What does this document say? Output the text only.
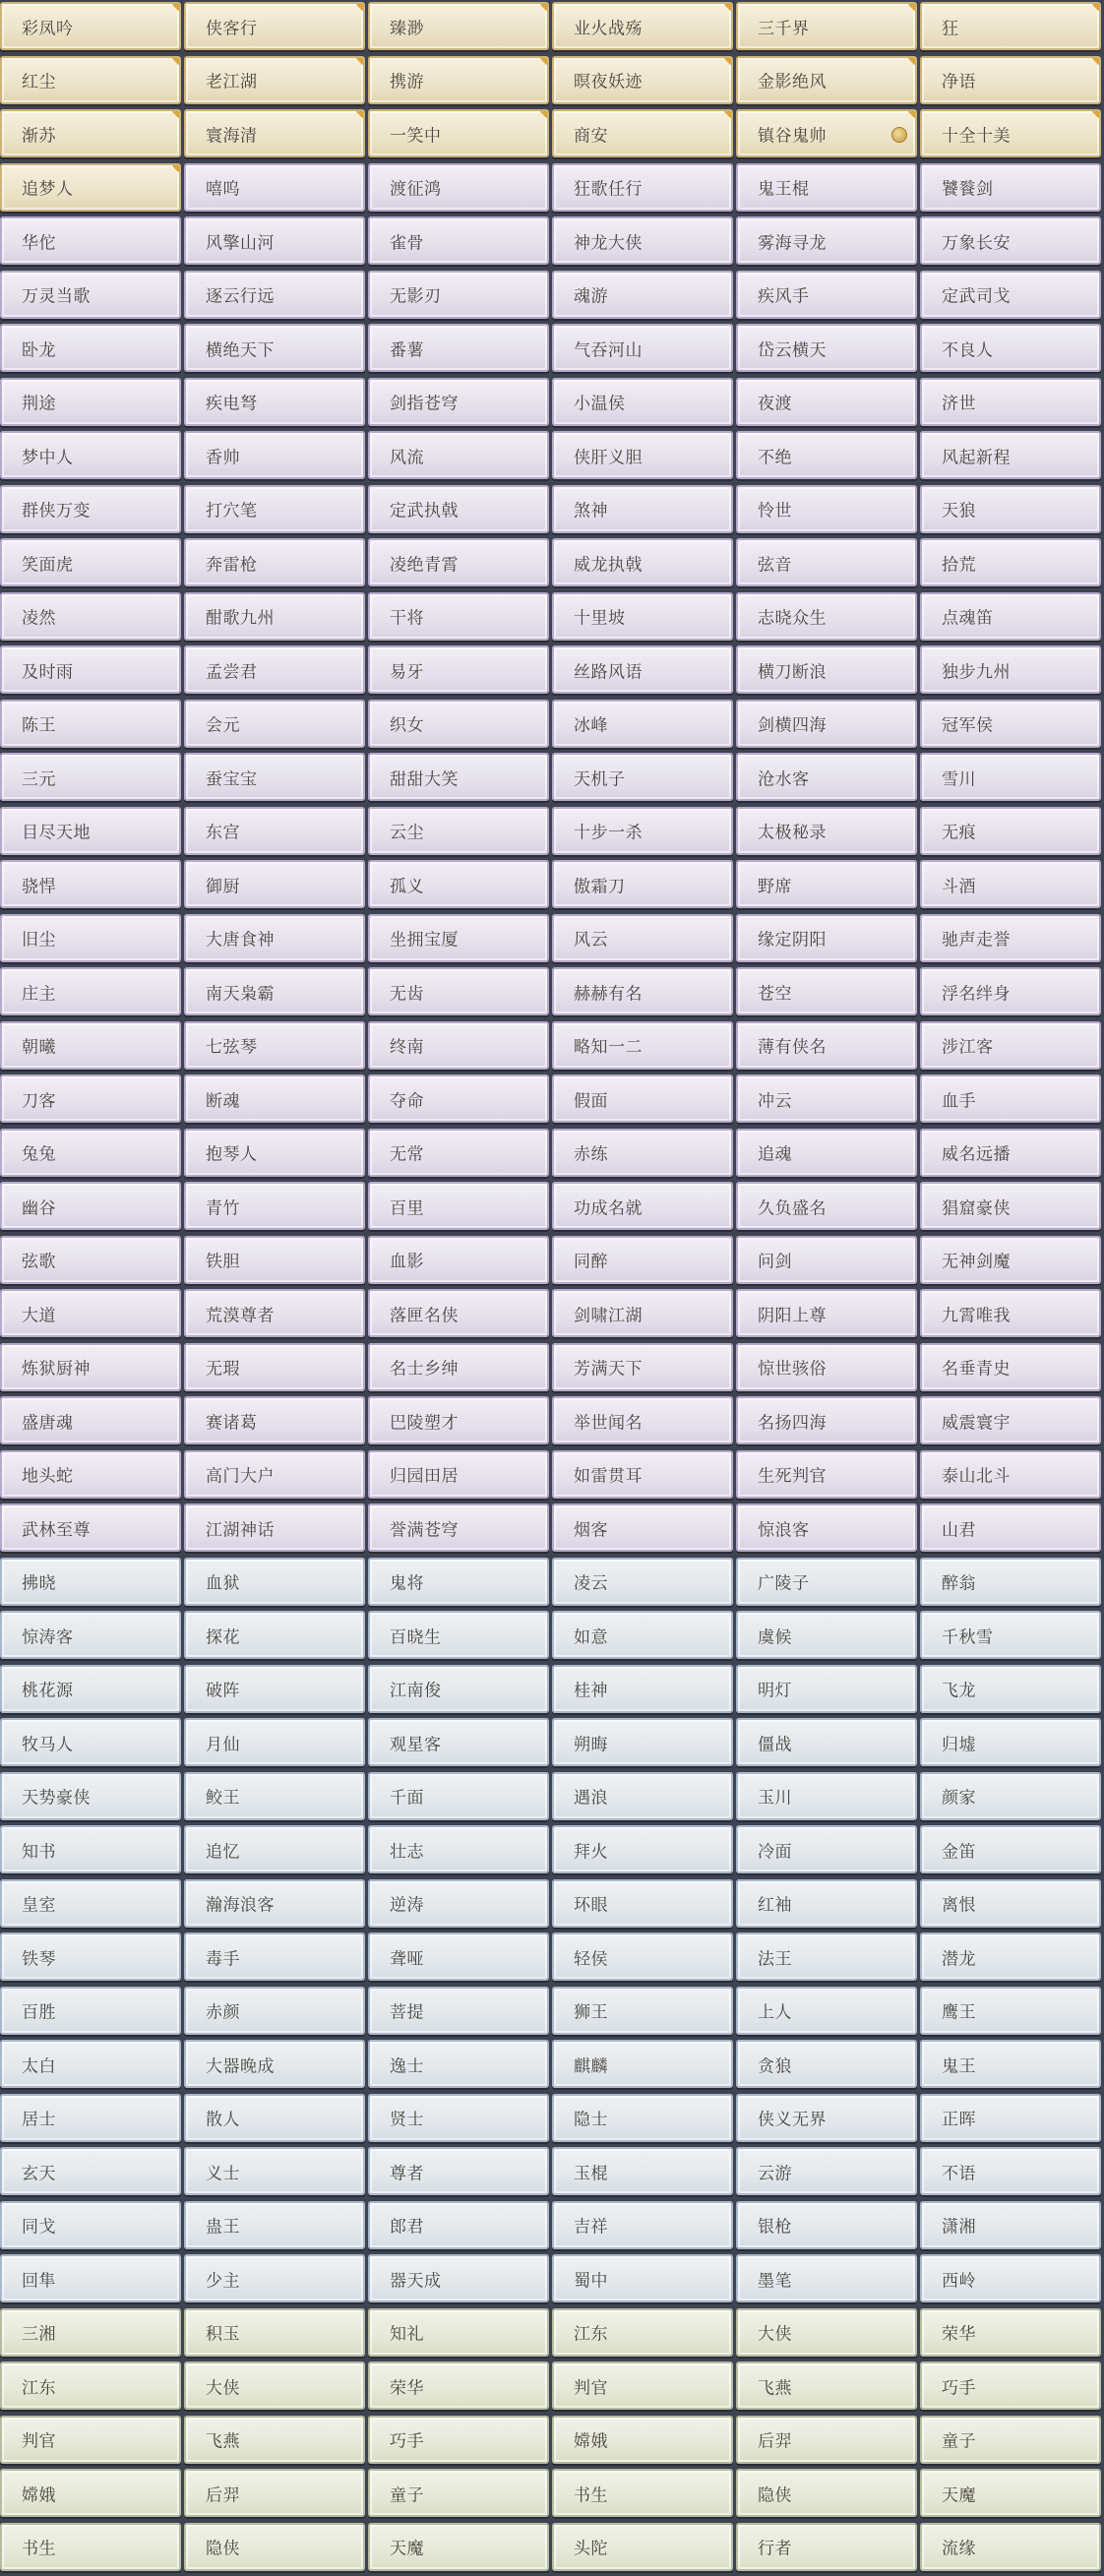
彩凤吟
红尘
渐苏
追梦人
华佗
万灵当歌
卧龙
荆途
梦中人
群侠万变
笑面虎
凌然
及时雨
陈王
三元
目尽天地
骁悍
旧尘
庄主
朝曦
刀客
兔兔
幽谷
弦歌
大道
炼狱厨神
盛唐魂
地头蛇
武林至尊
拂晓
惊涛客
桃花源
牧马人
天势豪侠
知书
皇室
铁琴
百胜
太白
居士
玄天
同戈
回隼
三湘
江东
判官
嫦娥
书生
侠客行
老江湖
寰海清
嘻呜
风擎山河
逐云行远
横绝天下
疾电弩
香帅
打穴笔
奔雷枪
酣歌九州
孟尝君
会元
蚕宝宝
东宫
御厨
大唐食神
南天枭霸
七弦琴
断魂
抱琴人
青竹
铁胆
荒漠尊者
无瑕
赛诸葛
高门大户
江湖神话
血狱
探花
破阵
月仙
鲛王
追忆
瀚海浪客
毒手
赤颜
大器晚成
散人
义士
蛊王
少主
积玉
大侠
飞燕
后羿
隐侠
臻渺
携游
一笑中
渡征鸿
雀骨
无影刃
番薯
剑指苍穹
风流
定武执戟
凌绝青霄
干将
易牙
织女
甜甜大笑
云尘
孤义
坐拥宝厦
无齿
终南
夺命
无常
百里
血影
落匣名侠
名士乡绅
巴陵塑才
归园田居
誉满苍穹
鬼将
百晓生
江南俊
观星客
千面
壮志
逆涛
聋哑
菩提
逸士
贤士
尊者
郎君
器天成
知礼
荣华
巧手
童子
天魔
业火战殇
暝夜妖迹
商安
狂歌任行
神龙大侠
魂游
气吞河山
小温侯
侠肝义胆
煞神
威龙执戟
十里坡
丝路风语
冰峰
天机子
十步一杀
傲霜刀
风云
赫赫有名
略知一二
假面
赤练
功成名就
同醉
剑啸江湖
芳满天下
举世闻名
如雷贯耳
烟客
凌云
如意
桂神
朔晦
遇浪
拜火
环眼
轻侯
狮王
麒麟
隐士
玉棍
吉祥
蜀中
江东
判官
嫦娥
书生
头陀
三千界
金影绝风
镇谷鬼帅
鬼王棍
雾海寻龙
疾风手
岱云横天
夜渡
不绝
怜世
弦音
志晓众生
横刀断浪
剑横四海
沧水客
太极秘录
野席
缘定阴阳
苍空
薄有侠名
冲云
追魂
久负盛名
问剑
阴阳上尊
惊世骇俗
名扬四海
生死判官
惊浪客
广陵子
虞候
明灯
僵战
玉川
冷面
红袖
法王
上人
贪狼
侠义无界
云游
银枪
墨笔
大侠
飞燕
后羿
隐侠
行者
狂
净语
十全十美
饕餮剑
万象长安
定武司戈
不良人
济世
风起新程
天狼
拾荒
点魂笛
独步九州
冠军侯
雪川
无痕
斗酒
驰声走誉
浮名绊身
涉江客
血手
威名远播
猖窟豪侠
无神剑魔
九霄唯我
名垂青史
威震寰宇
泰山北斗
山君
醉翁
千秋雪
飞龙
归墟
颜家
金笛
离恨
潜龙
鹰王
鬼王
正晖
不语
潇湘
西岭
荣华
巧手
童子
天魔
流缘
